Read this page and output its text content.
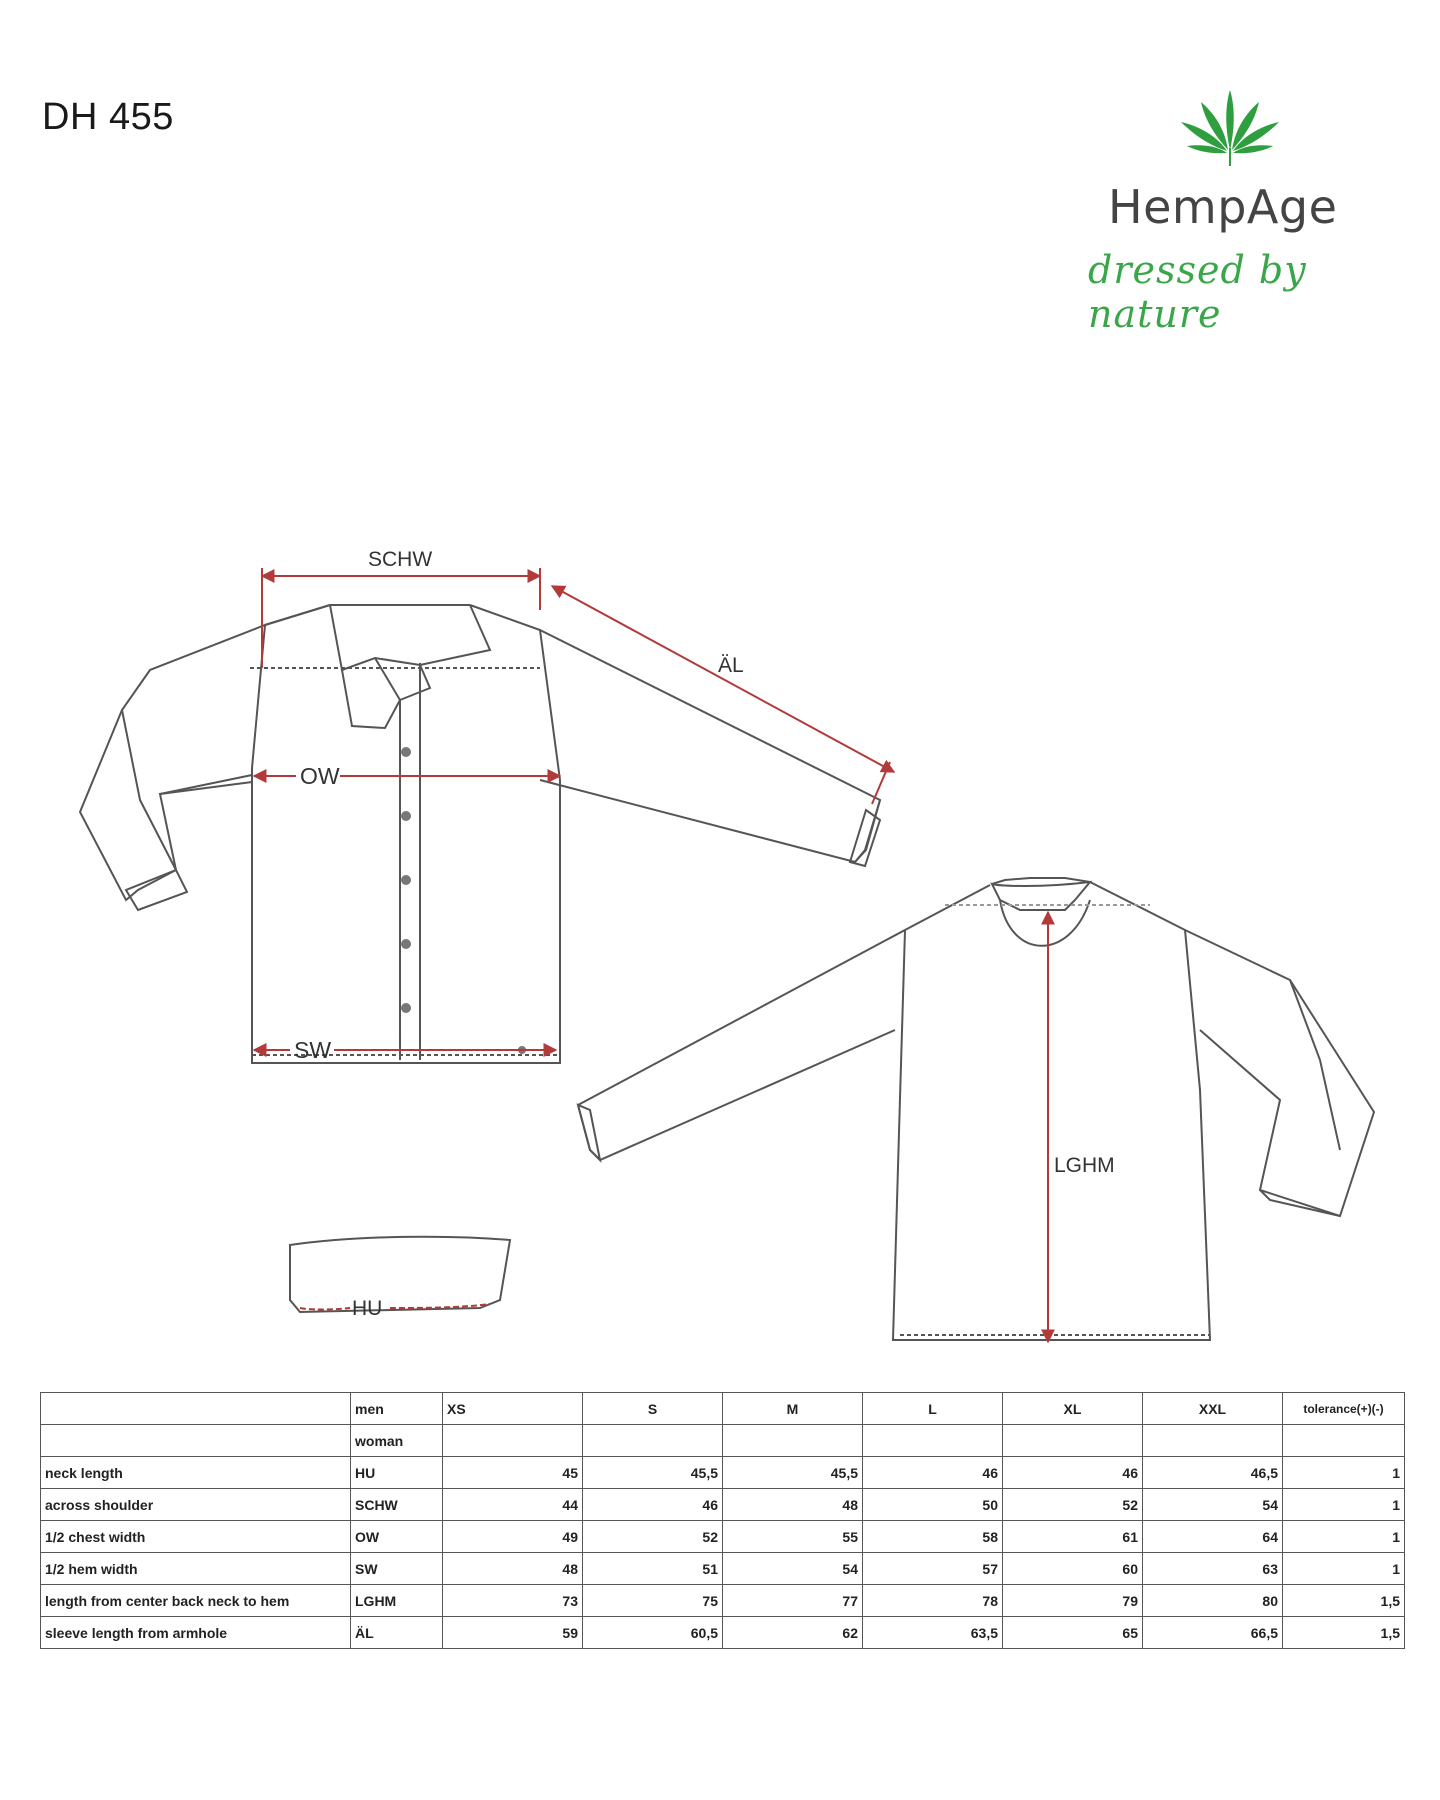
DH 455
HempAge
dressed by nature
SCHW
ÄL
OW
SW
HU
LGHM
	men	XS	S	M	L	XL	XXL	tolerance(+)(-)
	woman							
neck length	HU	45	45,5	45,5	46	46	46,5	1
across shoulder	SCHW	44	46	48	50	52	54	1
1/2 chest width	OW	49	52	55	58	61	64	1
1/2 hem width	SW	48	51	54	57	60	63	1
length from center back neck to hem	LGHM	73	75	77	78	79	80	1,5
sleeve length from armhole	ÄL	59	60,5	62	63,5	65	66,5	1,5
